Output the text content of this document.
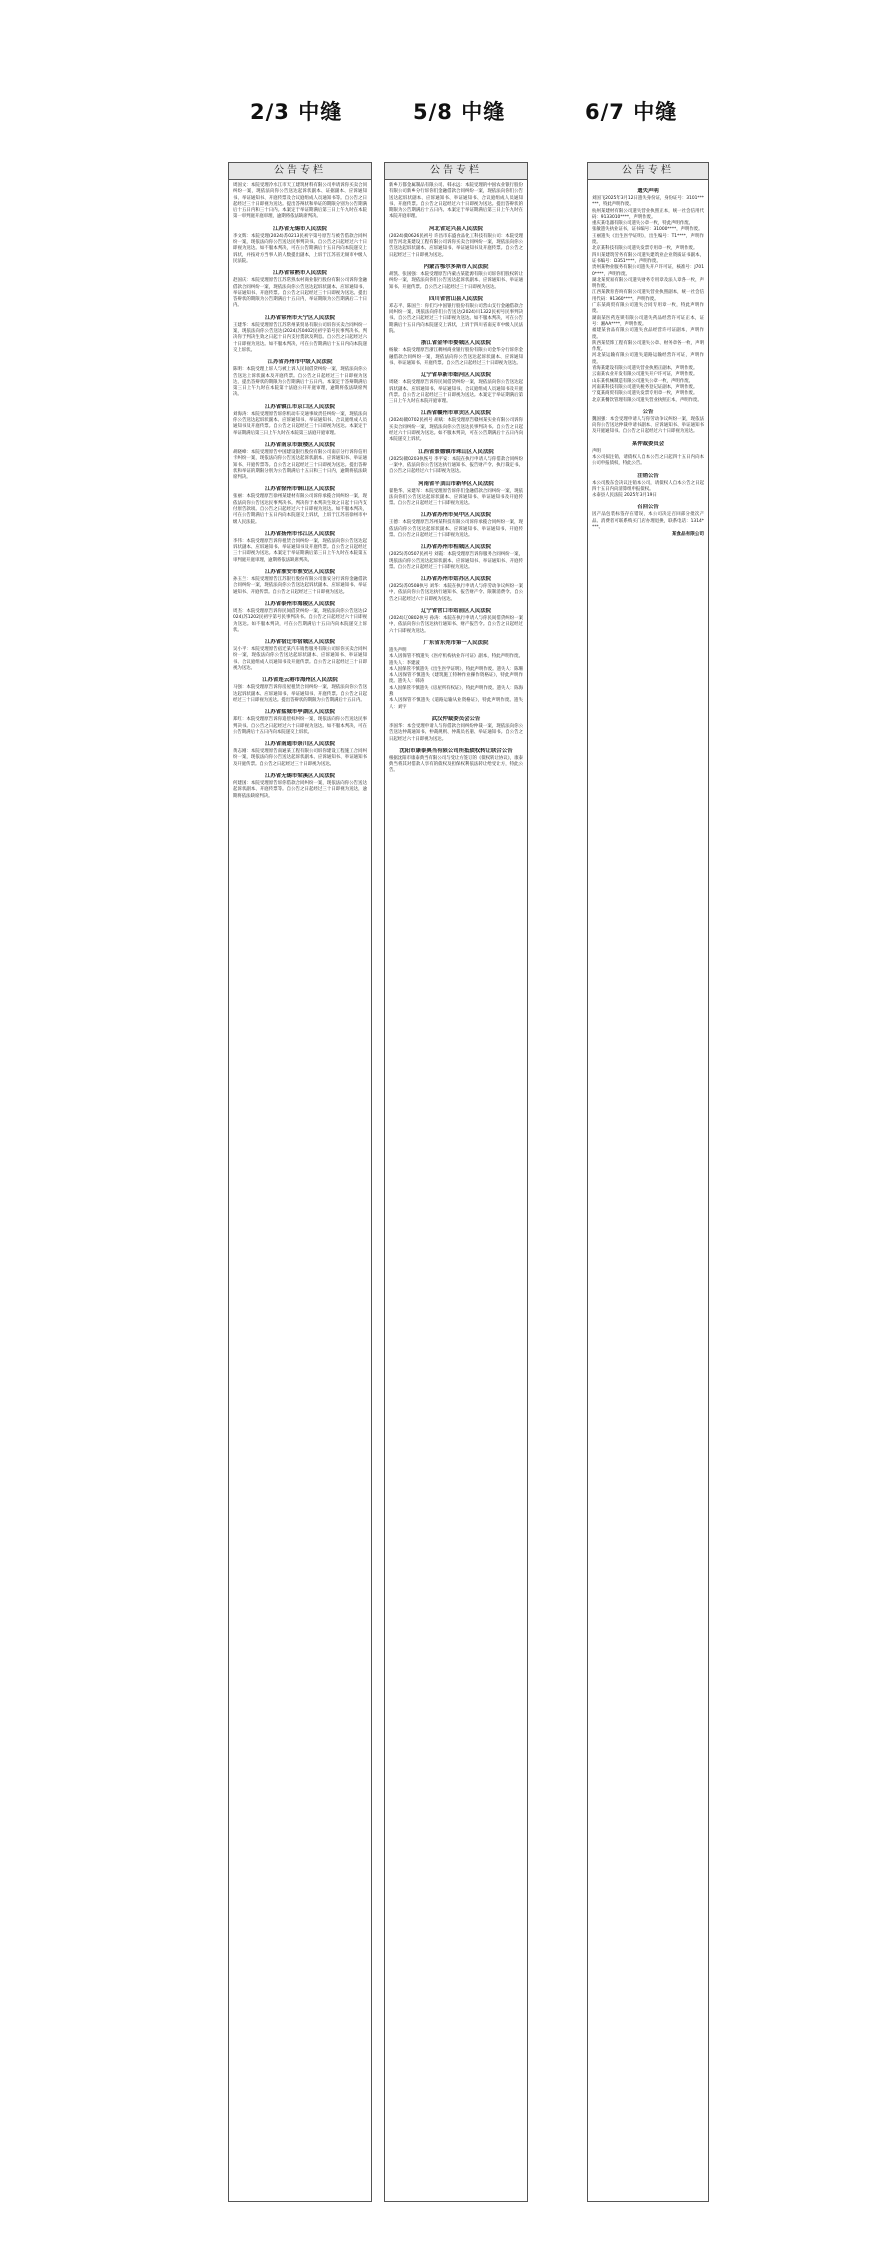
2/3 中缝	5/8 中缝	6/7 中缝
公告专栏
周国文：本院受理冷水江市天工建筑材料有限公司申请诉你买卖合同纠纷一案，现依法向你公告送达起诉状副本、证据副本、应诉通知书、举证通知书、开庭传票及合议庭组成人员通知书等。自公告之日起经过三十日即视为送达。提出答辩状和举证的期限分别为公告期满后十五日内和三十日内。本案定于举证期满后第三日上午九时在本院第一审判庭开庭审理，逾期将依法缺席判决。
江苏省无锡市人民法院
李文辉：本院受理(2024)苏0213民初字第号原告与被告借款合同纠纷一案，现依法向你公告送达民事判决书。自公告之日起经过六十日即视为送达。如不服本判决，可在公告期满后十五日内向本院递交上诉状，并按对方当事人的人数提出副本，上诉于江苏省无锡市中级人民法院。
江苏省常熟市人民法院
赵国庆：本院受理原告江苏常熟农村商业银行股份有限公司诉你金融借款合同纠纷一案，现依法向你公告送达起诉状副本、应诉通知书、举证通知书、开庭传票。自公告之日起经过三十日即视为送达。提出答辩状的期限为公告期满后十五日内，举证期限为公告期满后二十日内。
江苏省常州市天宁区人民法院
王建华：本院受理原告江苏常州某贸易有限公司诉你买卖合同纠纷一案，现依法向你公告送达(2024)苏0402民初字第号民事判决书。判决你于判决生效之日起十日内支付货款及利息。自公告之日起经过六十日即视为送达。如不服本判决，可在公告期满后十五日内向本院递交上诉状。
江苏省苏州市中级人民法院
陈明：本院受理上诉人与被上诉人民间借贷纠纷一案，现依法向你公告送达上诉状副本及开庭传票。自公告之日起经过三十日即视为送达，提出答辩状的期限为公告期满后十五日内。本案定于答辩期满后第三日上午九时在本院第十法庭公开开庭审理，逾期将依法缺席判决。
江苏省镇江市京口区人民法院
刘海涛：本院受理原告诉你机动车交通事故责任纠纷一案，现依法向你公告送达起诉状副本、应诉通知书、举证通知书、合议庭组成人员通知书及开庭传票。自公告之日起经过三十日即视为送达。本案定于举证期满后第三日上午九时在本院第三法庭开庭审理。
江苏省南京市鼓楼区人民法院
胡晓峰：本院受理原告中国建设银行股份有限公司南京分行诉你信用卡纠纷一案，现依法向你公告送达起诉状副本、应诉通知书、举证通知书、开庭传票等。自公告之日起经过三十日即视为送达。提出答辩状和举证的期限分别为公告期满后十五日和三十日内，逾期将依法缺席判决。
江苏省徐州市铜山区人民法院
张丽：本院受理原告徐州某建材有限公司诉你承揽合同纠纷一案，现依法向你公告送达民事判决书。判决你于本判决生效之日起十日内支付原告款项。自公告之日起经过六十日即视为送达。如不服本判决，可在公告期满后十五日内向本院递交上诉状，上诉于江苏省徐州市中级人民法院。
江苏省扬州市邗江区人民法院
李伟：本院受理原告诉你租赁合同纠纷一案，现依法向你公告送达起诉状副本、应诉通知书、举证通知书及开庭传票。自公告之日起经过三十日即视为送达。本案定于举证期满后第三日上午九时在本院第五审判庭开庭审理，逾期将依法缺席判决。
江苏省淮安市淮安区人民法院
孙玉兰：本院受理原告江苏银行股份有限公司淮安分行诉你金融借款合同纠纷一案，现依法向你公告送达起诉状副本、应诉通知书、举证通知书、开庭传票。自公告之日起经过三十日即视为送达。
江苏省泰州市海陵区人民法院
周杰：本院受理原告诉你民间借贷纠纷一案，现依法向你公告送达(2024)苏1202民初字第号民事判决书。自公告之日起经过六十日即视为送达。如不服本判决，可在公告期满后十五日内向本院递交上诉状。
江苏省宿迁市宿城区人民法院
吴小平：本院受理原告宿迁某汽车销售服务有限公司诉你买卖合同纠纷一案，现依法向你公告送达起诉状副本、应诉通知书、举证通知书、合议庭组成人员通知书及开庭传票。自公告之日起经过三十日即视为送达。
江苏省连云港市海州区人民法院
马强：本院受理原告诉你房屋租赁合同纠纷一案，现依法向你公告送达起诉状副本、应诉通知书、举证通知书、开庭传票。自公告之日起经过三十日即视为送达。提出答辩状的期限为公告期满后十五日内。
江苏省盐城市亭湖区人民法院
郑红：本院受理原告诉你追偿权纠纷一案，现依法向你公告送达民事判决书。自公告之日起经过六十日即视为送达。如不服本判决，可在公告期满后十五日内向本院递交上诉状。
江苏省南通市崇川区人民法院
黄志刚：本院受理原告南通某工程有限公司诉你建设工程施工合同纠纷一案，现依法向你公告送达起诉状副本、应诉通知书、举证通知书及开庭传票。自公告之日起经过三十日即视为送达。
江苏省无锡市梁溪区人民法院
何建国：本院受理原告诉你借款合同纠纷一案，现依法向你公告送达起诉状副本、开庭传票等。自公告之日起经过三十日即视为送达，逾期将依法缺席判决。
公告专栏
新乡万都金属制品有限公司、韩永远：本院受理的中国农业银行股份有限公司新乡分行诉你们金融借款合同纠纷一案，现依法向你们公告送达起诉状副本、应诉通知书、举证通知书、合议庭组成人员通知书、开庭传票。自公告之日起经过六十日即视为送达。提出答辩状的期限为公告期满后十五日内。本案定于举证期满后第三日上午九时在本院开庭审理。
河北省定兴县人民法院
(2024)冀0626民初号 许昌市东盛食品化工科技有限公司：本院受理原告河北某建设工程有限公司诉你买卖合同纠纷一案，现依法向你公告送达起诉状副本、应诉通知书、举证通知书及开庭传票。自公告之日起经过三十日即视为送达。
内蒙古鄂尔多斯市人民法院
胡凯、张国强：本院受理原告内蒙古某能源有限公司诉你们股权转让纠纷一案，现依法向你们公告送达起诉状副本、应诉通知书、举证通知书、开庭传票。自公告之日起经过三十日即视为送达。
四川省营山县人民法院
邓志平、陈国兰：你们与中国银行股份有限公司营山支行金融借款合同纠纷一案，现依法向你们公告送达(2024)川1322民初号民事判决书。自公告之日起经过三十日即视为送达。如不服本判决，可在公告期满后十五日内向本院递交上诉状，上诉于四川省南充市中级人民法院。
浙江省金华市婺城区人民法院
杨敏：本院受理原告浙江稠州商业银行股份有限公司金华分行诉你金融借款合同纠纷一案，现依法向你公告送达起诉状副本、应诉通知书、举证通知书、开庭传票。自公告之日起经过三十日即视为送达。
辽宁省阜新市细河区人民法院
周晓：本院受理原告诉你民间借贷纠纷一案，现依法向你公告送达起诉状副本、应诉通知书、举证通知书、合议庭组成人员通知书及开庭传票。自公告之日起经过三十日即视为送达。本案定于举证期满后第三日上午九时在本院开庭审理。
江西省赣州市章贡区人民法院
(2024)赣0702民初号 胡斌：本院受理原告赣州某实业有限公司诉你买卖合同纠纷一案，现依法向你公告送达民事判决书。自公告之日起经过六十日即视为送达。如不服本判决，可在公告期满后十五日内向本院递交上诉状。
江西省景德镇市珠山区人民法院
(2025)赣0203执恢号 李平安：本院在执行申请人与你借款合同纠纷一案中，依法向你公告送达执行通知书、报告财产令、执行裁定书。自公告之日起经过六十日即视为送达。
河南省平顶山市新华区人民法院
翟艳华、宋建军：本院受理原告诉你们金融借款合同纠纷一案，现依法向你们公告送达起诉状副本、应诉通知书、举证通知书及开庭传票。自公告之日起经过三十日即视为送达。
江苏省苏州市吴中区人民法院
王德：本院受理原告苏州某科技有限公司诉你承揽合同纠纷一案，现依法向你公告送达起诉状副本、应诉通知书、举证通知书、开庭传票。自公告之日起经过三十日即视为送达。
江苏省苏州市相城区人民法院
(2025)苏0507民初号 刘霞：本院受理原告诉你服务合同纠纷一案，现依法向你公告送达起诉状副本、应诉通知书、举证通知书、开庭传票。自公告之日起经过三十日即视为送达。
江苏省苏州市姑苏区人民法院
(2025)苏0508执号 刘华：本院在执行申请人与你劳动争议纠纷一案中，依法向你公告送达执行通知书、报告财产令、限制消费令。自公告之日起经过六十日即视为送达。
辽宁省营口市站前区人民法院
(2024)辽0802执号 孙涛：本院在执行申请人与你民间借贷纠纷一案中，依法向你公告送达执行通知书、财产报告令。自公告之日起经过六十日即视为送达。
广东省东莞市第一人民法院
遗失声明
本人因保管不慎遗失《医疗机构执业许可证》副本，特此声明作废。遗失人：李建波
本人因保管不慎遗失《出生医学证明》，特此声明作废。遗失人：陈珊
本人因保管不慎遗失《建筑施工特种作业操作资格证》，特此声明作废。遗失人：韩涛
本人因保管不慎遗失《房屋所有权证》，特此声明作废。遗失人：陈海燕
本人因保管不慎遗失《道路运输从业资格证》，特此声明作废。遗失人：刘宇
武汉仲裁委员会公告
李国华：本会受理申请人与你借款合同纠纷仲裁一案，现依法向你公告送达仲裁通知书、仲裁规则、仲裁员名册、举证通知书。自公告之日起经过六十日即视为送达。
沈阳市康泰典当有限公司所抵债权转让联合公告
根据沈阳市康泰典当有限公司与受让方签订的《债权转让协议》，康泰典当将其对借款人享有的债权及担保权利依法转让给受让方，特此公告。
公告专栏
遗失声明
刘国飞2025年3月12日遗失身份证，身份证号：3101******，特此声明作废。
杭州某建材有限公司遗失营业执照正本，统一社会信用代码：9133010****，声明作废。
重庆某电器有限公司遗失公章一枚，特此声明作废。
张敏遗失执业证书，证书编号：31000****，声明作废。
王丽遗失《出生医学证明》，出生编号：T1****，声明作废。
北京某科技有限公司遗失发票专用章一枚，声明作废。
四川某建筑劳务有限公司遗失建筑业企业资质证书副本，证书编号：D351****，声明作废。
贵州某物业服务有限公司遗失开户许可证，核准号：J7010****，声明作废。
湖北某贸易有限公司遗失财务专用章及法人章各一枚，声明作废。
江西某教育咨询有限公司遗失营业执照副本，统一社会信用代码：91360****，声明作废。
广东某商贸有限公司遗失合同专用章一枚，特此声明作废。
湖南某医药连锁有限公司遗失药品经营许可证正本，证号：湘AA****，声明作废。
福建某食品有限公司遗失食品经营许可证副本，声明作废。
陕西某装饰工程有限公司遗失公章、财务章各一枚，声明作废。
河北某运输有限公司遗失道路运输经营许可证，声明作废。
青海某建设有限公司遗失营业执照正副本，声明作废。
云南某农业开发有限公司遗失开户许可证，声明作废。
山东某机械制造有限公司遗失公章一枚，声明作废。
河南某科技有限公司遗失税务登记证副本，声明作废。
宁夏某商贸有限公司遗失发票专用章一枚，声明作废。
北京某餐饮管理有限公司遗失营业执照正本，声明作废。
公告
魏国强：本会受理申请人与你劳动争议纠纷一案，现依法向你公告送达仲裁申请书副本、应诉通知书、举证通知书及开庭通知书。自公告之日起经过六十日即视为送达。
某仲裁委员会
声明
本公司拟注销，请债权人自本公告之日起四十五日内向本公司申报债权，特此公告。
注销公告
本公司股东会决议注销本公司，请债权人自本公告之日起四十五日内向清算组申报债权。
永泰县人民法院 2025年3月19日
召回公告
因产品包装标签存在错误，本公司决定召回部分批次产品。消费者可联系购买门店办理退换，联系电话：1314****。
某食品有限公司
